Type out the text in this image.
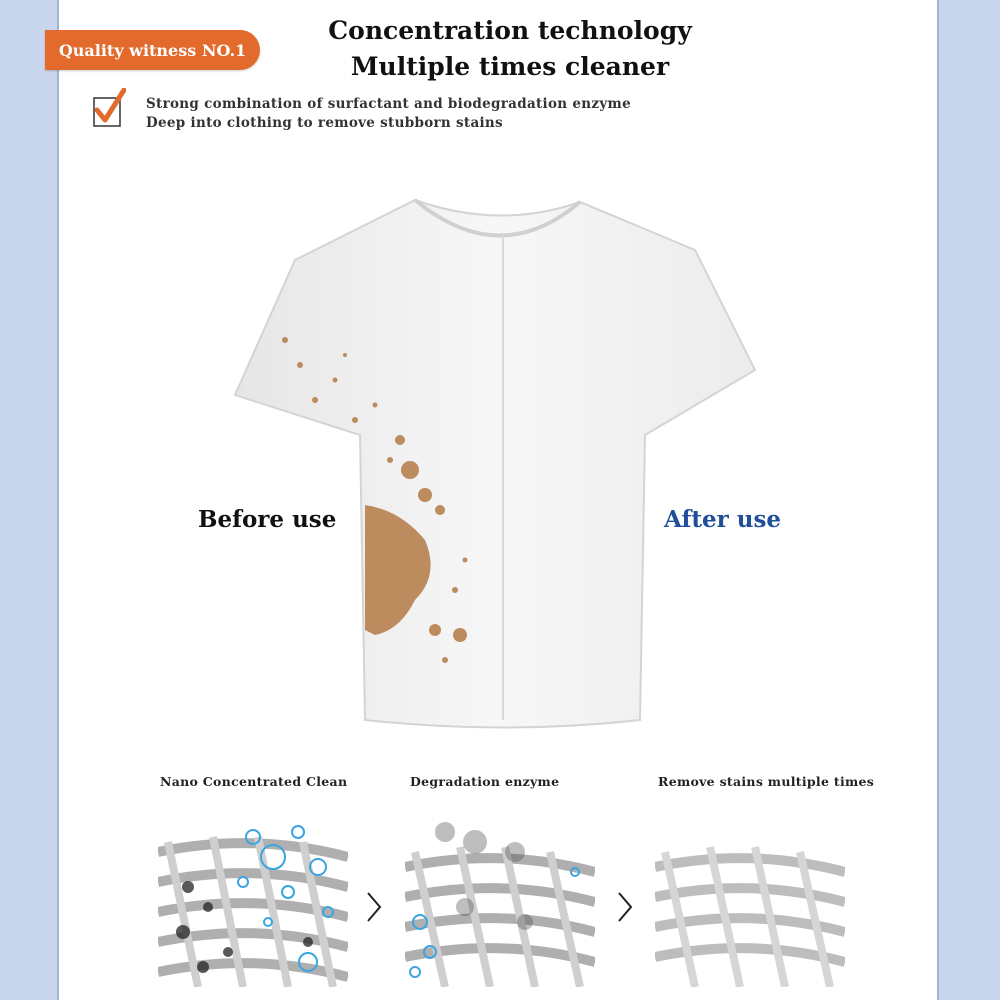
Quality witness NO.1
Concentration technology
Multiple times cleaner
Strong combination of surfactant and biodegradation enzyme
Deep into clothing to remove stubborn stains
Before use	After use
Nano Concentrated Clean	Degradation enzyme	Remove stains multiple times
